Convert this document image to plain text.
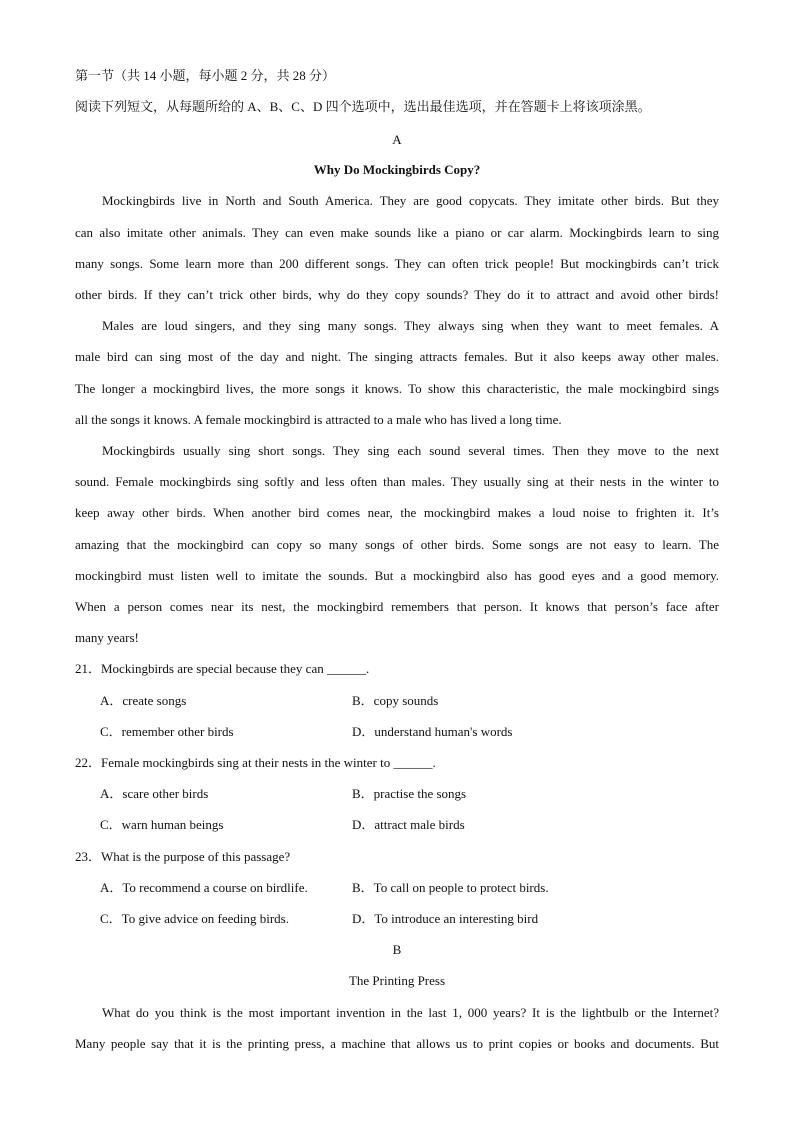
第一节（共 14 小题，每小题 2 分，共 28 分）
阅读下列短文，从每题所给的 A、B、C、D 四个选项中，选出最佳选项，并在答题卡上将该项涂黑。
A
Why Do Mockingbirds Copy?
Mockingbirds live in North and South America. They are good copycats. They imitate other birds. But they
can also imitate other animals. They can even make sounds like a piano or car alarm. Mockingbirds learn to sing
many songs. Some learn more than 200 different songs. They can often trick people! But mockingbirds can’t trick
other birds. If they can’t trick other birds, why do they copy sounds? They do it to attract and avoid other birds!
Males are loud singers, and they sing many songs. They always sing when they want to meet females. A
male bird can sing most of the day and night. The singing attracts females. But it also keeps away other males.
The longer a mockingbird lives, the more songs it knows. To show this characteristic, the male mockingbird sings
all the songs it knows. A female mockingbird is attracted to a male who has lived a long time.
Mockingbirds usually sing short songs. They sing each sound several times. Then they move to the next
sound. Female mockingbirds sing softly and less often than males. They usually sing at their nests in the winter to
keep away other birds. When another bird comes near, the mockingbird makes a loud noise to frighten it. It’s
amazing that the mockingbird can copy so many songs of other birds. Some songs are not easy to learn. The
mockingbird must listen well to imitate the sounds. But a mockingbird also has good eyes and a good memory.
When a person comes near its nest, the mockingbird remembers that person. It knows that person’s face after
many years!
21．Mockingbirds are special because they can ______.
A．create songs	B．copy sounds
C．remember other birds	D．understand human's words
22．Female mockingbirds sing at their nests in the winter to ______.
A．scare other birds	B．practise the songs
C．warn human beings	D．attract male birds
23．What is the purpose of this passage?
A．To recommend a course on birdlife.	B．To call on people to protect birds.
C．To give advice on feeding birds.	D．To introduce an interesting bird
B
The Printing Press
What do you think is the most important invention in the last 1, 000 years? It is the lightbulb or the Internet?
Many people say that it is the printing press, a machine that allows us to print copies or books and documents. But
